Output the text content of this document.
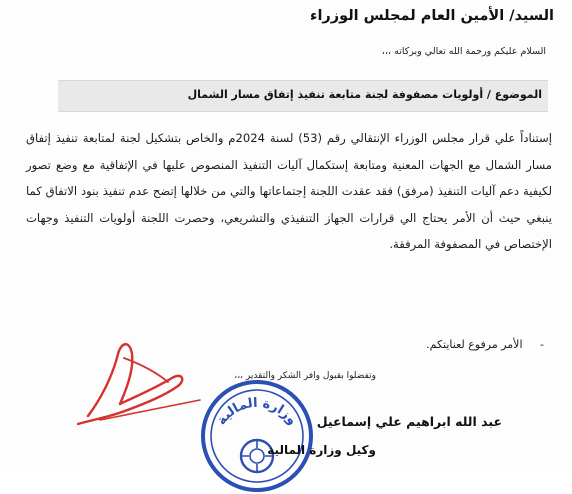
السيد/ الأمين العام لمجلس الوزراء
السلام عليكم ورحمة الله تعالي وبركاته ،،،
الموضوع / أولويات مصفوفة لجنة متابعة تنفيذ إتفاق مسار الشمال
إستناداً علي قرار مجلس الوزراء الإنتقالي رقم (53) لسنة 2024م والخاص بتشكيل لجنة لمتابعة تنفيذ إتفاق مسار الشمال مع الجهات المعنية ومتابعة إستكمال آليات التنفيذ المنصوص عليها في الإتفاقية مع وضع تصور لكيفية دعم آليات التنفيذ (مرفق) فقد عقدت اللجنة إجتماعاتها والتي من خلالها إتضح عدم تنفيذ بنود الاتفاق كما ينبغي حيث أن الأمر يحتاج الي قرارات الجهاز التنفيذي والتشريعي، وحصرت اللجنة أولويات التنفيذ وجهات الإختصاص في المصفوفة المرفقة.
- الأمر مرفوع لعنايتكم.
وتفضلوا بقبول وافر الشكر والتقدير ،،،
وزارة المالية عبد الله ابراهيم علي إسماعيل
وكيل وزارة المالية
